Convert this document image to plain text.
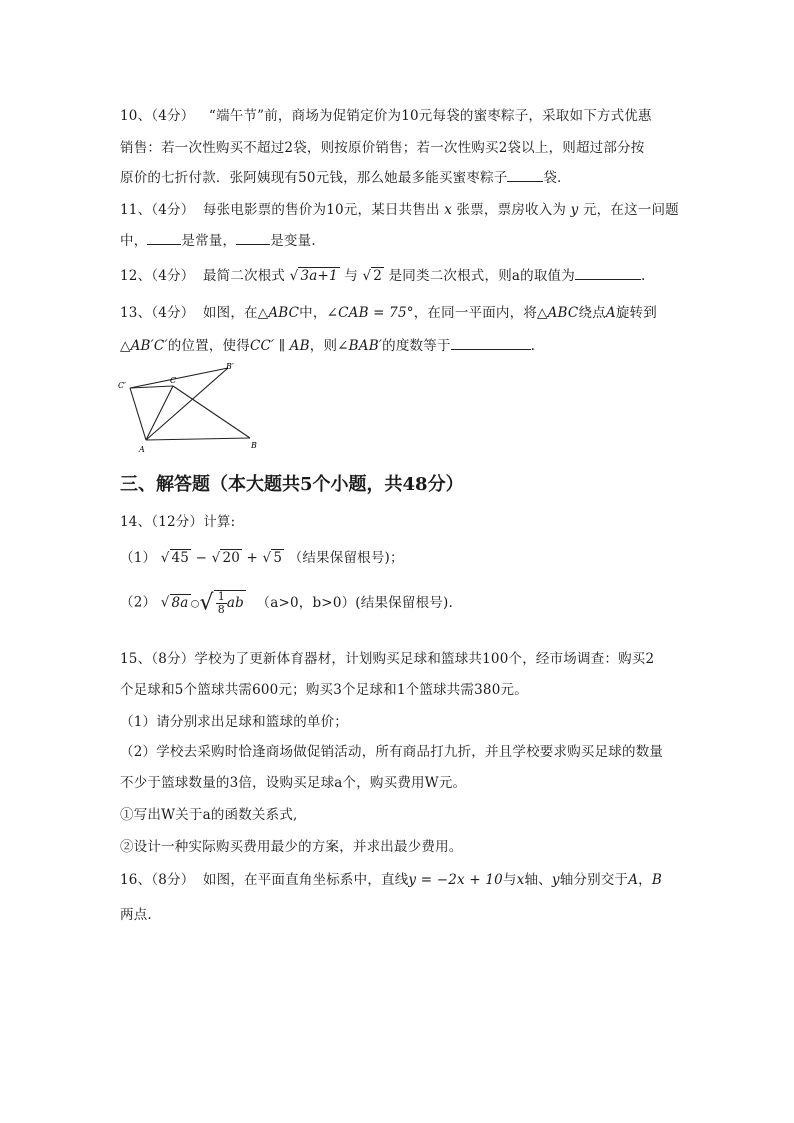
10、（4分） “端午节”前，商场为促销定价为10元每袋的蜜枣粽子，采取如下方式优惠
销售：若一次性购买不超过2袋，则按原价销售；若一次性购买2袋以上，则超过部分按
原价的七折付款．张阿姨现有50元钱，那么她最多能买蜜枣粽子	袋．
11、（4分） 每张电影票的售价为10元，某日共售出 x 张票，票房收入为 y 元，在这一问题
中，	是常量，	是变量.
12、（4分） 最简二次根式 √ 3a+1 与 √ 2 是同类二次根式，则a的取值为	.
13、（4分） 如图，在△ABC中，∠CAB = 75°，在同一平面内，将△ABC绕点A旋转到
△AB′C′的位置，使得CC′ ∥ AB，则∠BAB′的度数等于	.
C′
C
B′
A	B
三、解答题（本大题共5个小题，共48分）
14、（12分）计算:
（1） √ 45 − √ 20 + √ 5 （结果保留根号)；
（2） √ 8a ○√ $\frac{1}{8}$ ab （a>0，b>0）(结果保留根号).
15、（8分）学校为了更新体育器材，计划购买足球和篮球共100个，经市场调查：购买2
个足球和5个篮球共需600元；购买3个足球和1个篮球共需380元。
（1）请分别求出足球和篮球的单价；
（2）学校去采购时恰逢商场做促销活动，所有商品打九折，并且学校要求购买足球的数量
不少于篮球数量的3倍，设购买足球a个，购买费用W元。
①写出W关于a的函数关系式,
②设计一种实际购买费用最少的方案，并求出最少费用。
16、（8分） 如图，在平面直角坐标系中，直线y = −2x + 10与x轴、y轴分别交于A，B
两点.
